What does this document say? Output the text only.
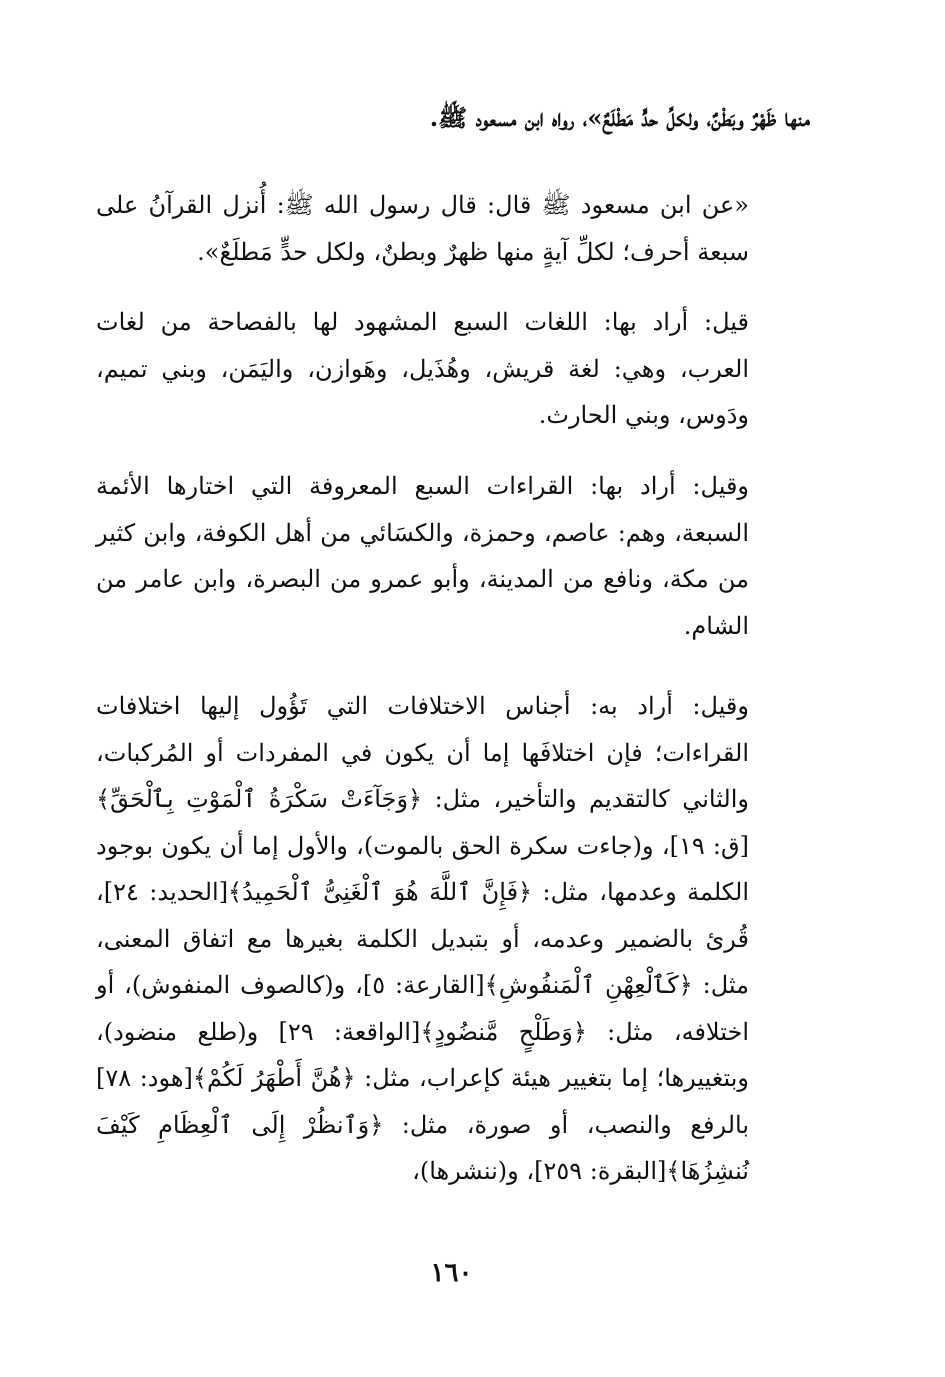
منها ظَهْرٌ وبَطْنٌ، ولكلِّ حدٍّ مَطْلَعٌ»، رواه ابن مسعود ﷺ.
«عن ابن مسعود ﷺ قال: قال رسول الله ﷺ: أُنزل القرآنُ على سبعة أحرف؛ لكلِّ آيةٍ منها ظهرٌ وبطنٌ، ولكل حدٍّ مَطلَعٌ».
قيل: أراد بها: اللغات السبع المشهود لها بالفصاحة من لغات العرب، وهي: لغة قريش، وهُذَيل، وهَوازن، واليَمَن، وبني تميم، ودَوس، وبني الحارث.
وقيل: أراد بها: القراءات السبع المعروفة التي اختارها الأئمة السبعة، وهم: عاصم، وحمزة، والكسَائي من أهل الكوفة، وابن كثير من مكة، ونافع من المدينة، وأبو عمرو من البصرة، وابن عامر من الشام.
وقيل: أراد به: أجناس الاختلافات التي تَؤُول إليها اختلافات القراءات؛ فإن اختلافَها إما أن يكون في المفردات أو المُركبات، والثاني كالتقديم والتأخير، مثل: ﴿وَجَآءَتْ سَكْرَةُ ٱلْمَوْتِ بِٱلْحَقِّ﴾[ق: ١٩]، و(جاءت سكرة الحق بالموت)، والأول إما أن يكون بوجود الكلمة وعدمها، مثل: ﴿فَإِنَّ ٱللَّهَ هُوَ ٱلْغَنِىُّ ٱلْحَمِيدُ﴾[الحديد: ٢٤]، قُرئ بالضمير وعدمه، أو بتبديل الكلمة بغيرها مع اتفاق المعنى، مثل: ﴿كَٱلْعِهْنِ ٱلْمَنفُوشِ﴾[القارعة: ٥]، و(كالصوف المنفوش)، أو اختلافه، مثل: ﴿وَطَلْحٍ مَّنضُودٍ﴾[الواقعة: ٢٩] و(طلع منضود)، وبتغييرها؛ إما بتغيير هيئة كإعراب، مثل: ﴿هُنَّ أَطْهَرُ لَكُمْ﴾[هود: ٧٨] بالرفع والنصب، أو صورة، مثل: ﴿وَٱنظُرْ إِلَى ٱلْعِظَامِ كَيْفَ نُنشِزُهَا﴾[البقرة: ٢٥٩]، و(ننشرها)،
١٦٠
